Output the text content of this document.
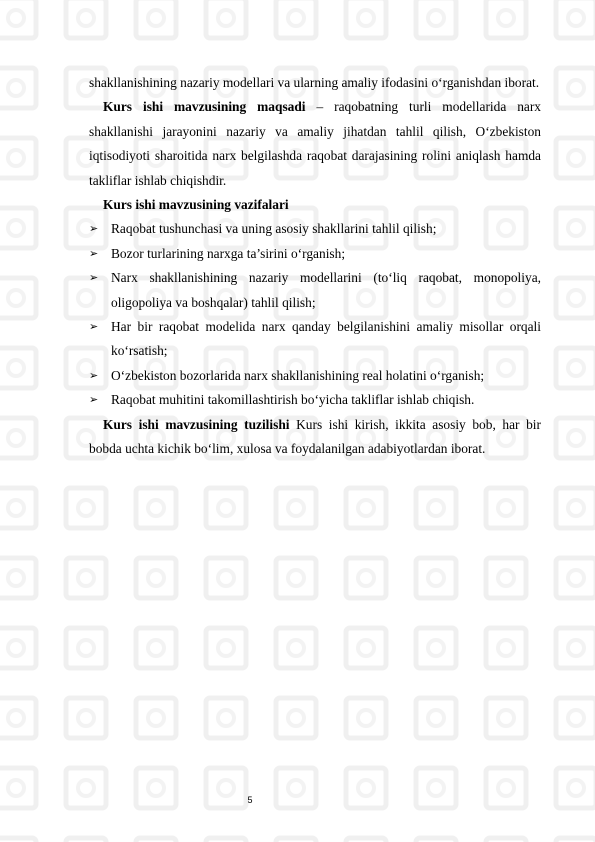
shakllanishining nazariy modellari va ularning amaliy ifodasini o‘rganishdan iborat.

Kurs ishi mavzusining maqsadi – raqobatning turli modellarida narx shakllanishi jarayonini nazariy va amaliy jihatdan tahlil qilish, O‘zbekiston iqtisodiyoti sharoitida narx belgilashda raqobat darajasining rolini aniqlash hamda takliflar ishlab chiqishdir.

Kurs ishi mavzusining vazifalari

➢ Raqobat tushunchasi va uning asosiy shakllarini tahlil qilish;
➢ Bozor turlarining narxga ta’sirini o‘rganish;
➢ Narx shakllanishining nazariy modellarini (to‘liq raqobat, monopoliya, oligopoliya va boshqalar) tahlil qilish;
➢ Har bir raqobat modelida narx qanday belgilanishini amaliy misollar orqali ko‘rsatish;
➢ O‘zbekiston bozorlarida narx shakllanishining real holatini o‘rganish;
➢ Raqobat muhitini takomillashtirish bo‘yicha takliflar ishlab chiqish.

Kurs ishi mavzusining tuzilishi Kurs ishi kirish, ikkita asosiy bob, har bir bobda uchta kichik bo‘lim, xulosa va foydalanilgan adabiyotlardan iborat.

5
